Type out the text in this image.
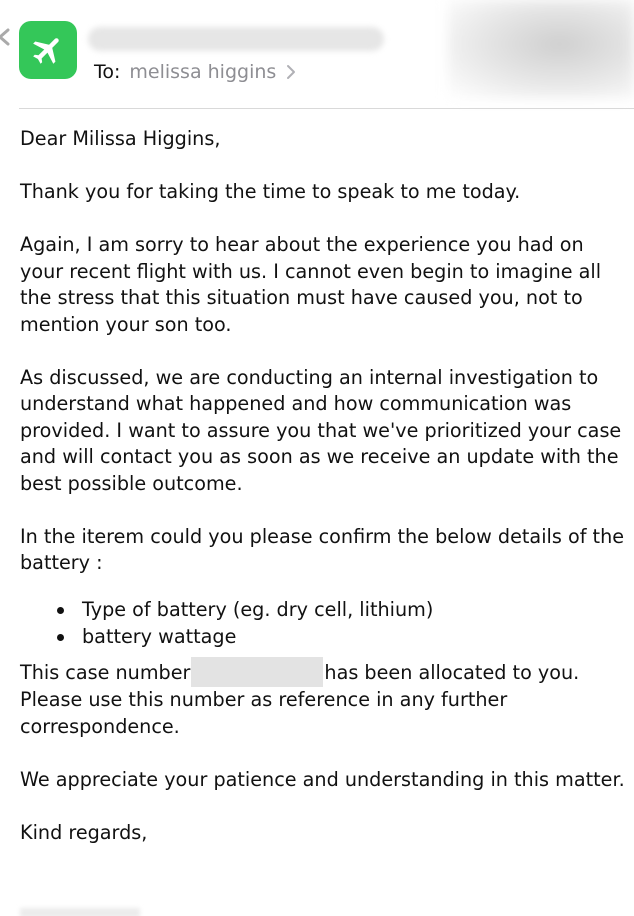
To: melissa higgins

Dear Milissa Higgins,

Thank you for taking the time to speak to me today.

Again, I am sorry to hear about the experience you had on your recent flight with us. I cannot even begin to imagine all the stress that this situation must have caused you, not to mention your son too.

As discussed, we are conducting an internal investigation to understand what happened and how communication was provided. I want to assure you that we've prioritized your case and will contact you as soon as we receive an update with the best possible outcome.

In the iterem could you please confirm the below details of the battery :

Type of battery (eg. dry cell, lithium)
battery wattage

This case number	has been allocated to you. Please use this number as reference in any further correspondence.

We appreciate your patience and understanding in this matter.

Kind regards,
